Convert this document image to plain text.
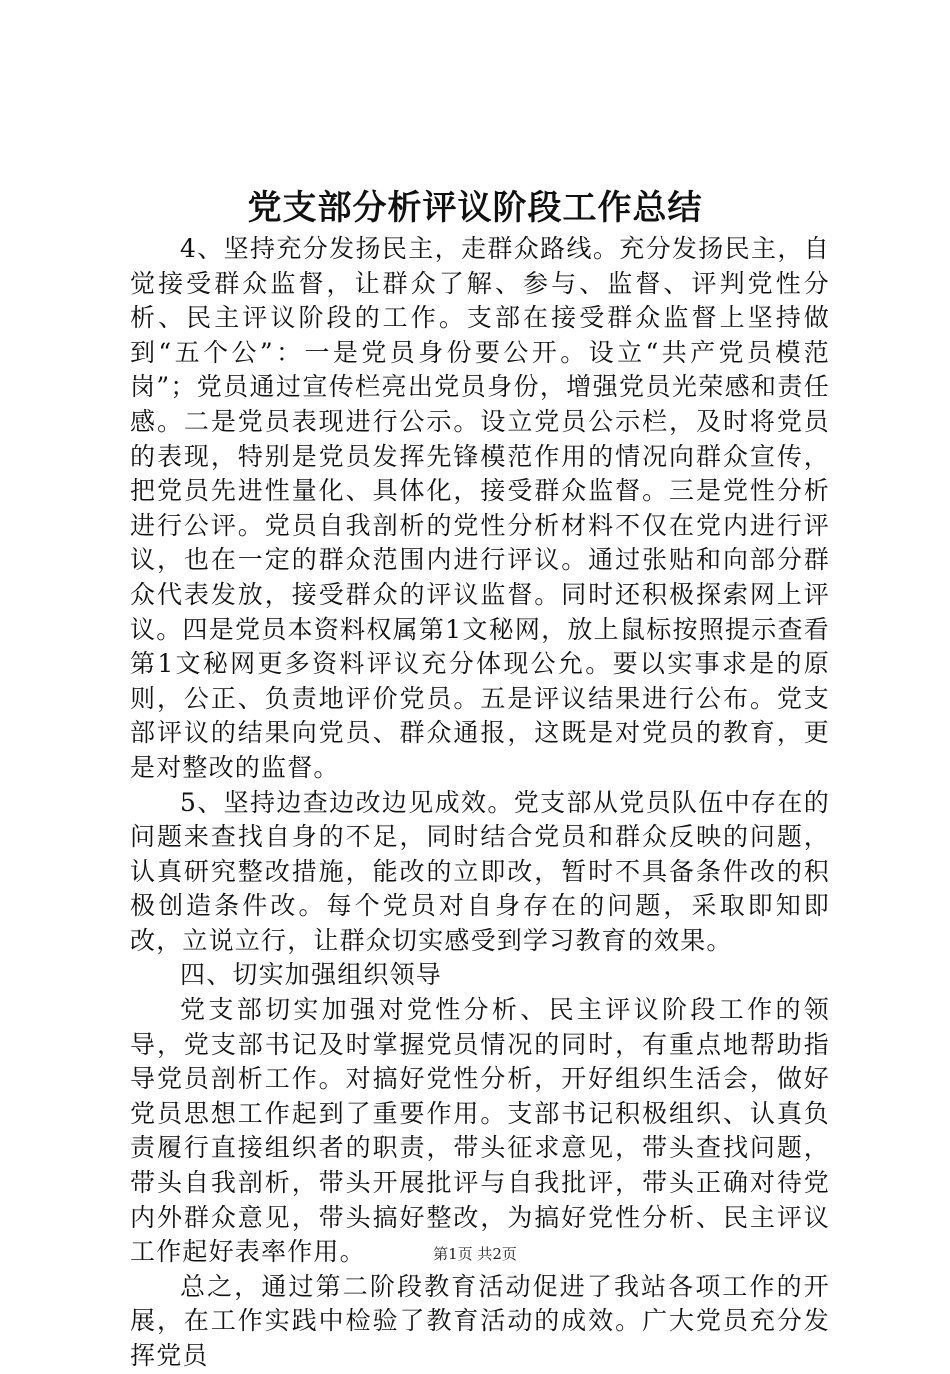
党支部分析评议阶段工作总结

4、坚持充分发扬民主，走群众路线。充分发扬民主，自觉接受群众监督，让群众了解、参与、监督、评判党性分析、民主评议阶段的工作。支部在接受群众监督上坚持做到“五个公”：一是党员身份要公开。设立“共产党员模范岗”；党员通过宣传栏亮出党员身份，增强党员光荣感和责任感。二是党员表现进行公示。设立党员公示栏，及时将党员的表现，特别是党员发挥先锋模范作用的情况向群众宣传，把党员先进性量化、具体化，接受群众监督。三是党性分析进行公评。党员自我剖析的党性分析材料不仅在党内进行评议，也在一定的群众范围内进行评议。通过张贴和向部分群众代表发放，接受群众的评议监督。同时还积极探索网上评议。四是党员本资料权属第1文秘网，放上鼠标按照提示查看第1文秘网更多资料评议充分体现公允。要以实事求是的原则，公正、负责地评价党员。五是评议结果进行公布。党支部评议的结果向党员、群众通报，这既是对党员的教育，更是对整改的监督。

5、坚持边查边改边见成效。党支部从党员队伍中存在的问题来查找自身的不足，同时结合党员和群众反映的问题，认真研究整改措施，能改的立即改，暂时不具备条件改的积极创造条件改。每个党员对自身存在的问题，采取即知即改，立说立行，让群众切实感受到学习教育的效果。

四、切实加强组织领导

党支部切实加强对党性分析、民主评议阶段工作的领导，党支部书记及时掌握党员情况的同时，有重点地帮助指导党员剖析工作。对搞好党性分析，开好组织生活会，做好党员思想工作起到了重要作用。支部书记积极组织、认真负责履行直接组织者的职责，带头征求意见，带头查找问题，带头自我剖析，带头开展批评与自我批评，带头正确对待党内外群众意见，带头搞好整改，为搞好党性分析、民主评议工作起好表率作用。

总之，通过第二阶段教育活动促进了我站各项工作的开展，在工作实践中检验了教育活动的成效。广大党员充分发挥党员

第1页 共2页
